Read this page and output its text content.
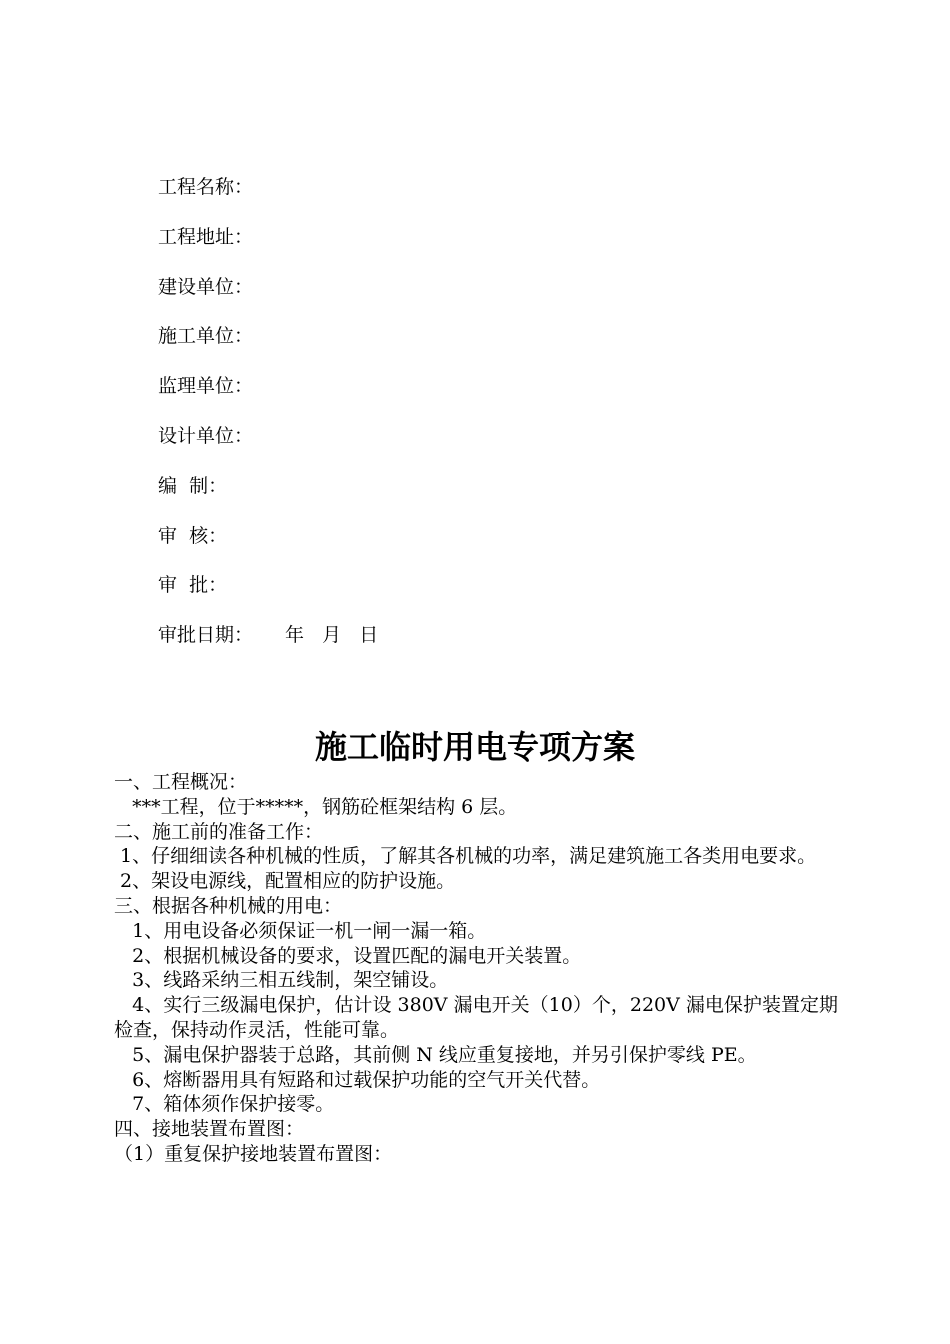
工程名称：
工程地址：
建设单位：
施工单位：
监理单位：
设计单位：
编  制：
审  核：
审  批：
审批日期： 年   月   日
施工临时用电专项方案
一、工程概况：
***工程，位于*****，钢筋砼框架结构 6 层。
二、施工前的准备工作：
1、仔细细读各种机械的性质，了解其各机械的功率，满足建筑施工各类用电要求。
2、架设电源线，配置相应的防护设施。
三、根据各种机械的用电：
1、用电设备必须保证一机一闸一漏一箱。
2、根据机械设备的要求，设置匹配的漏电开关装置。
3、线路采纳三相五线制，架空铺设。
4、实行三级漏电保护，估计设 380V 漏电开关（10）个，220V 漏电保护装置定期检查，保持动作灵活，性能可靠。
5、漏电保护器装于总路，其前侧 N 线应重复接地，并另引保护零线 PE。
6、熔断器用具有短路和过载保护功能的空气开关代替。
7、箱体须作保护接零。
四、接地装置布置图：
（1）重复保护接地装置布置图：
